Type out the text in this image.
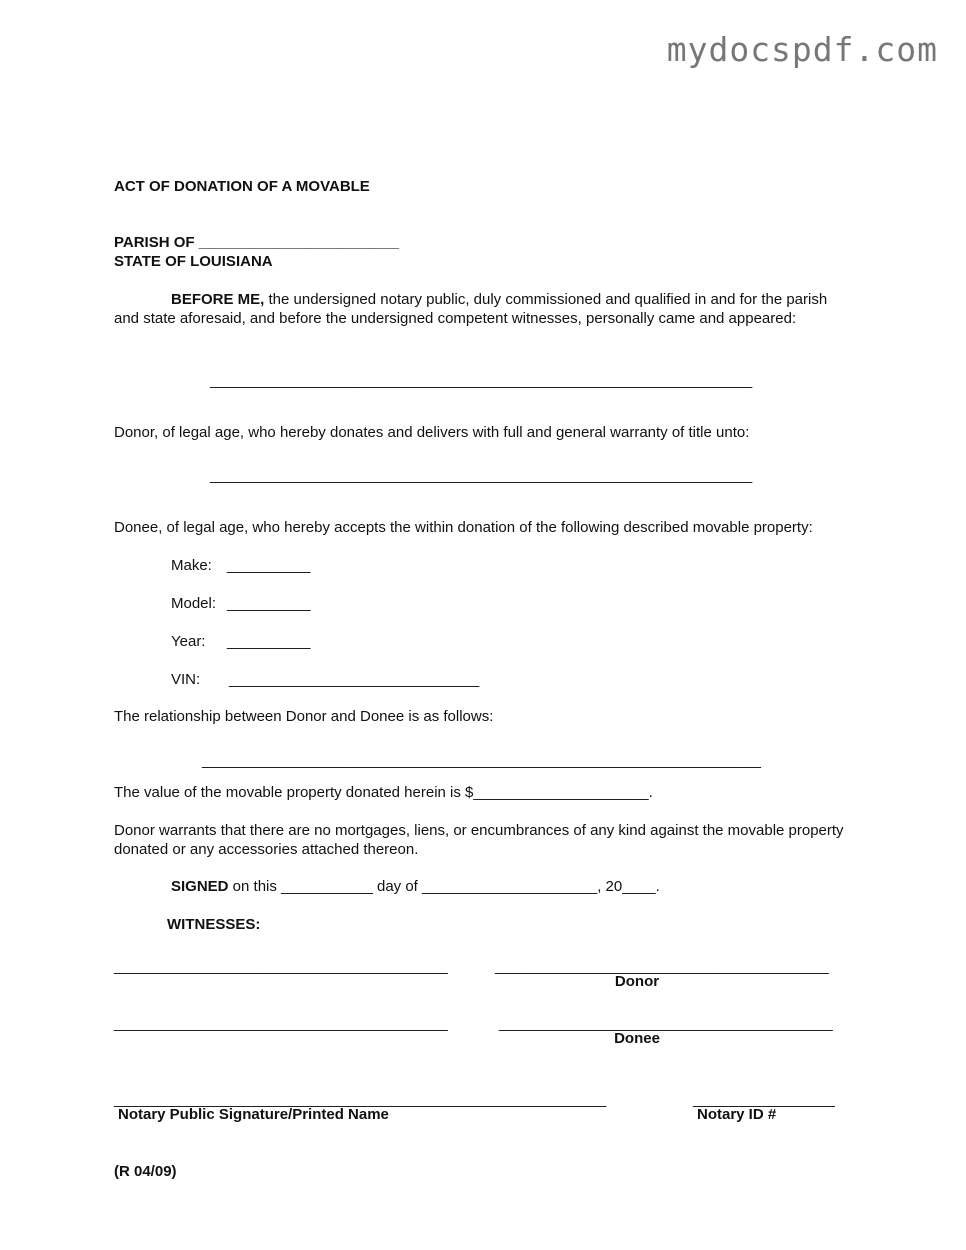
mydocspdf.com
ACT OF DONATION OF A MOVABLE
PARISH OF ________________________
STATE OF LOUISIANA
BEFORE ME, the undersigned notary public, duly commissioned and qualified in and for the parish and state aforesaid, and before the undersigned competent witnesses, personally came and appeared:
_________________________________________________________________
Donor, of legal age, who hereby donates and delivers with full and general warranty of title unto:
_________________________________________________________________
Donee, of legal age, who hereby accepts the within donation of the following described movable property:
Make: __________
Model: __________
Year: __________
VIN: ______________________________
The relationship between Donor and Donee is as follows:
___________________________________________________________________
The value of the movable property donated herein is $_____________________.
Donor warrants that there are no mortgages, liens, or encumbrances of any kind against the movable property donated or any accessories attached thereon.
SIGNED on this ___________ day of _____________________, 20____.
WITNESSES:
________________________________________	________________________________________
Donor
________________________________________	________________________________________
Donee
___________________________________________________________	_________________
Notary Public Signature/Printed Name	Notary ID #
(R 04/09)
